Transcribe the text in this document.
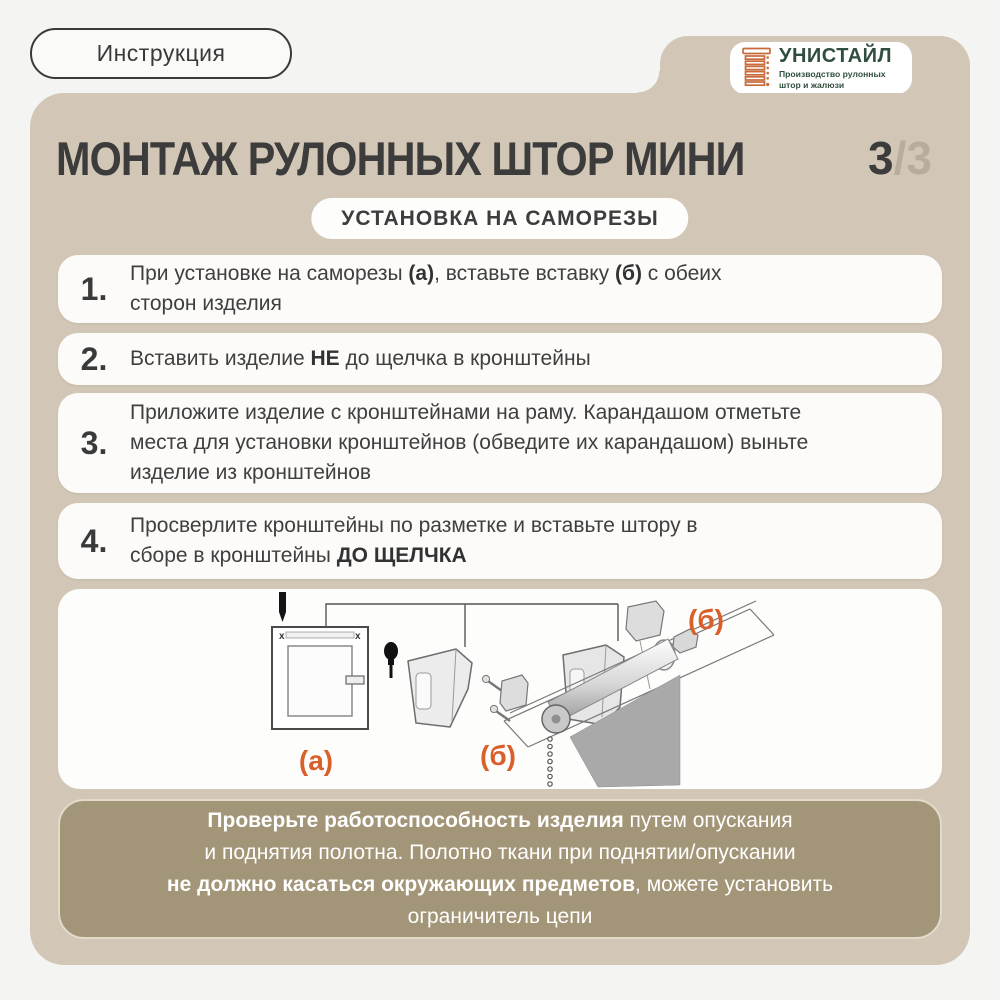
Инструкция	УНИСТАЙЛ
Производство рулонных
штор и жалюзи
МОНТАЖ РУЛОННЫХ ШТОР МИНИ	3/3
УСТАНОВКА НА САМОРЕЗЫ
1.	При установке на саморезы (а), вставьте вставку (б) с обеих
сторон изделия
2.	Вставить изделие НЕ до щелчка в кронштейны
3.
Приложите изделие с кронштейнами на раму. Карандашом отметьте
места для установки кронштейнов (обведите их карандашом) выньте
изделие из кронштейнов
4.	Просверлите кронштейны по разметке и вставьте штору в
сборе в кронштейны ДО ЩЕЛЧКА
x	x
(а)	(б)
(б)
Проверьте работоспособность изделия путем опускания
и поднятия полотна. Полотно ткани при поднятии/опускании
не должно касаться окружающих предметов, можете установить
ограничитель цепи
